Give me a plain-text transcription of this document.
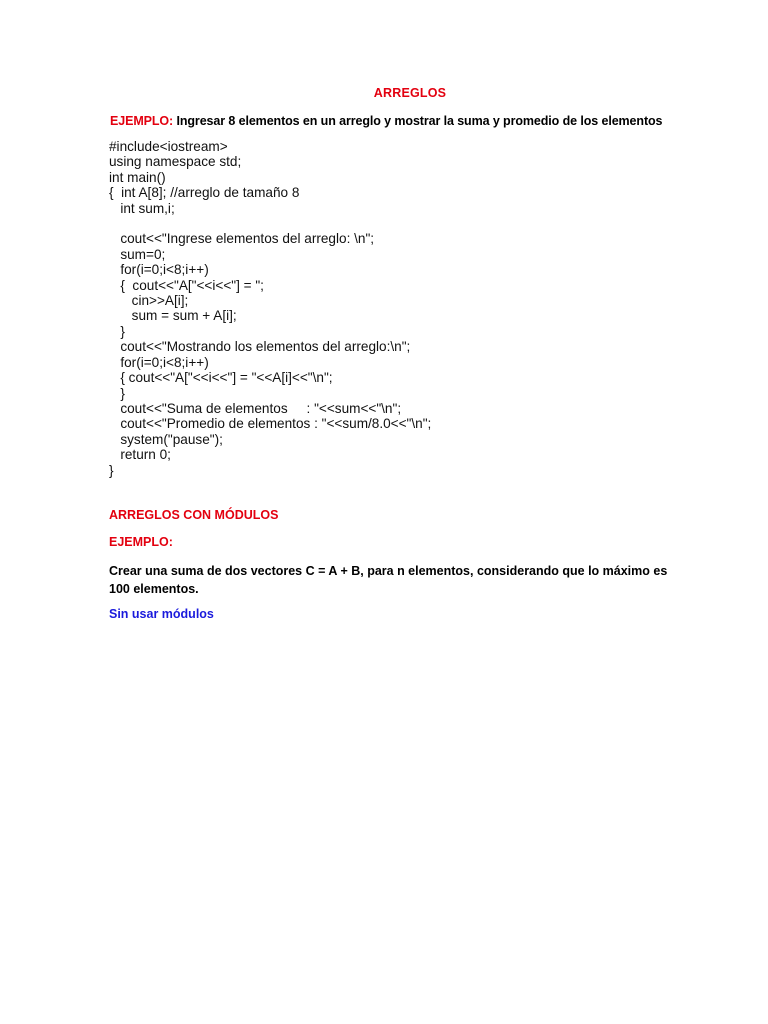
ARREGLOS
EJEMPLO: Ingresar 8 elementos en un arreglo y mostrar la suma y promedio de los elementos
#include<iostream>
using namespace std;
int main()
{  int A[8]; //arreglo de tamaño 8
int sum,i;

cout<<"Ingrese elementos del arreglo: \n";
sum=0;
for(i=0;i<8;i++)
{  cout<<"A["<<i<<"] = ";
cin>>A[i];
sum = sum + A[i];
}
cout<<"Mostrando los elementos del arreglo:\n";
for(i=0;i<8;i++)
{ cout<<"A["<<i<<"] = "<<A[i]<<"\n";
}
cout<<"Suma de elementos     : "<<sum<<"\n";
cout<<"Promedio de elementos : "<<sum/8.0<<"\n";
system("pause");
return 0;
}
ARREGLOS CON MÓDULOS
EJEMPLO:
Crear una suma de dos vectores C = A + B, para n elementos, considerando que lo máximo es 100 elementos.
Sin usar módulos
